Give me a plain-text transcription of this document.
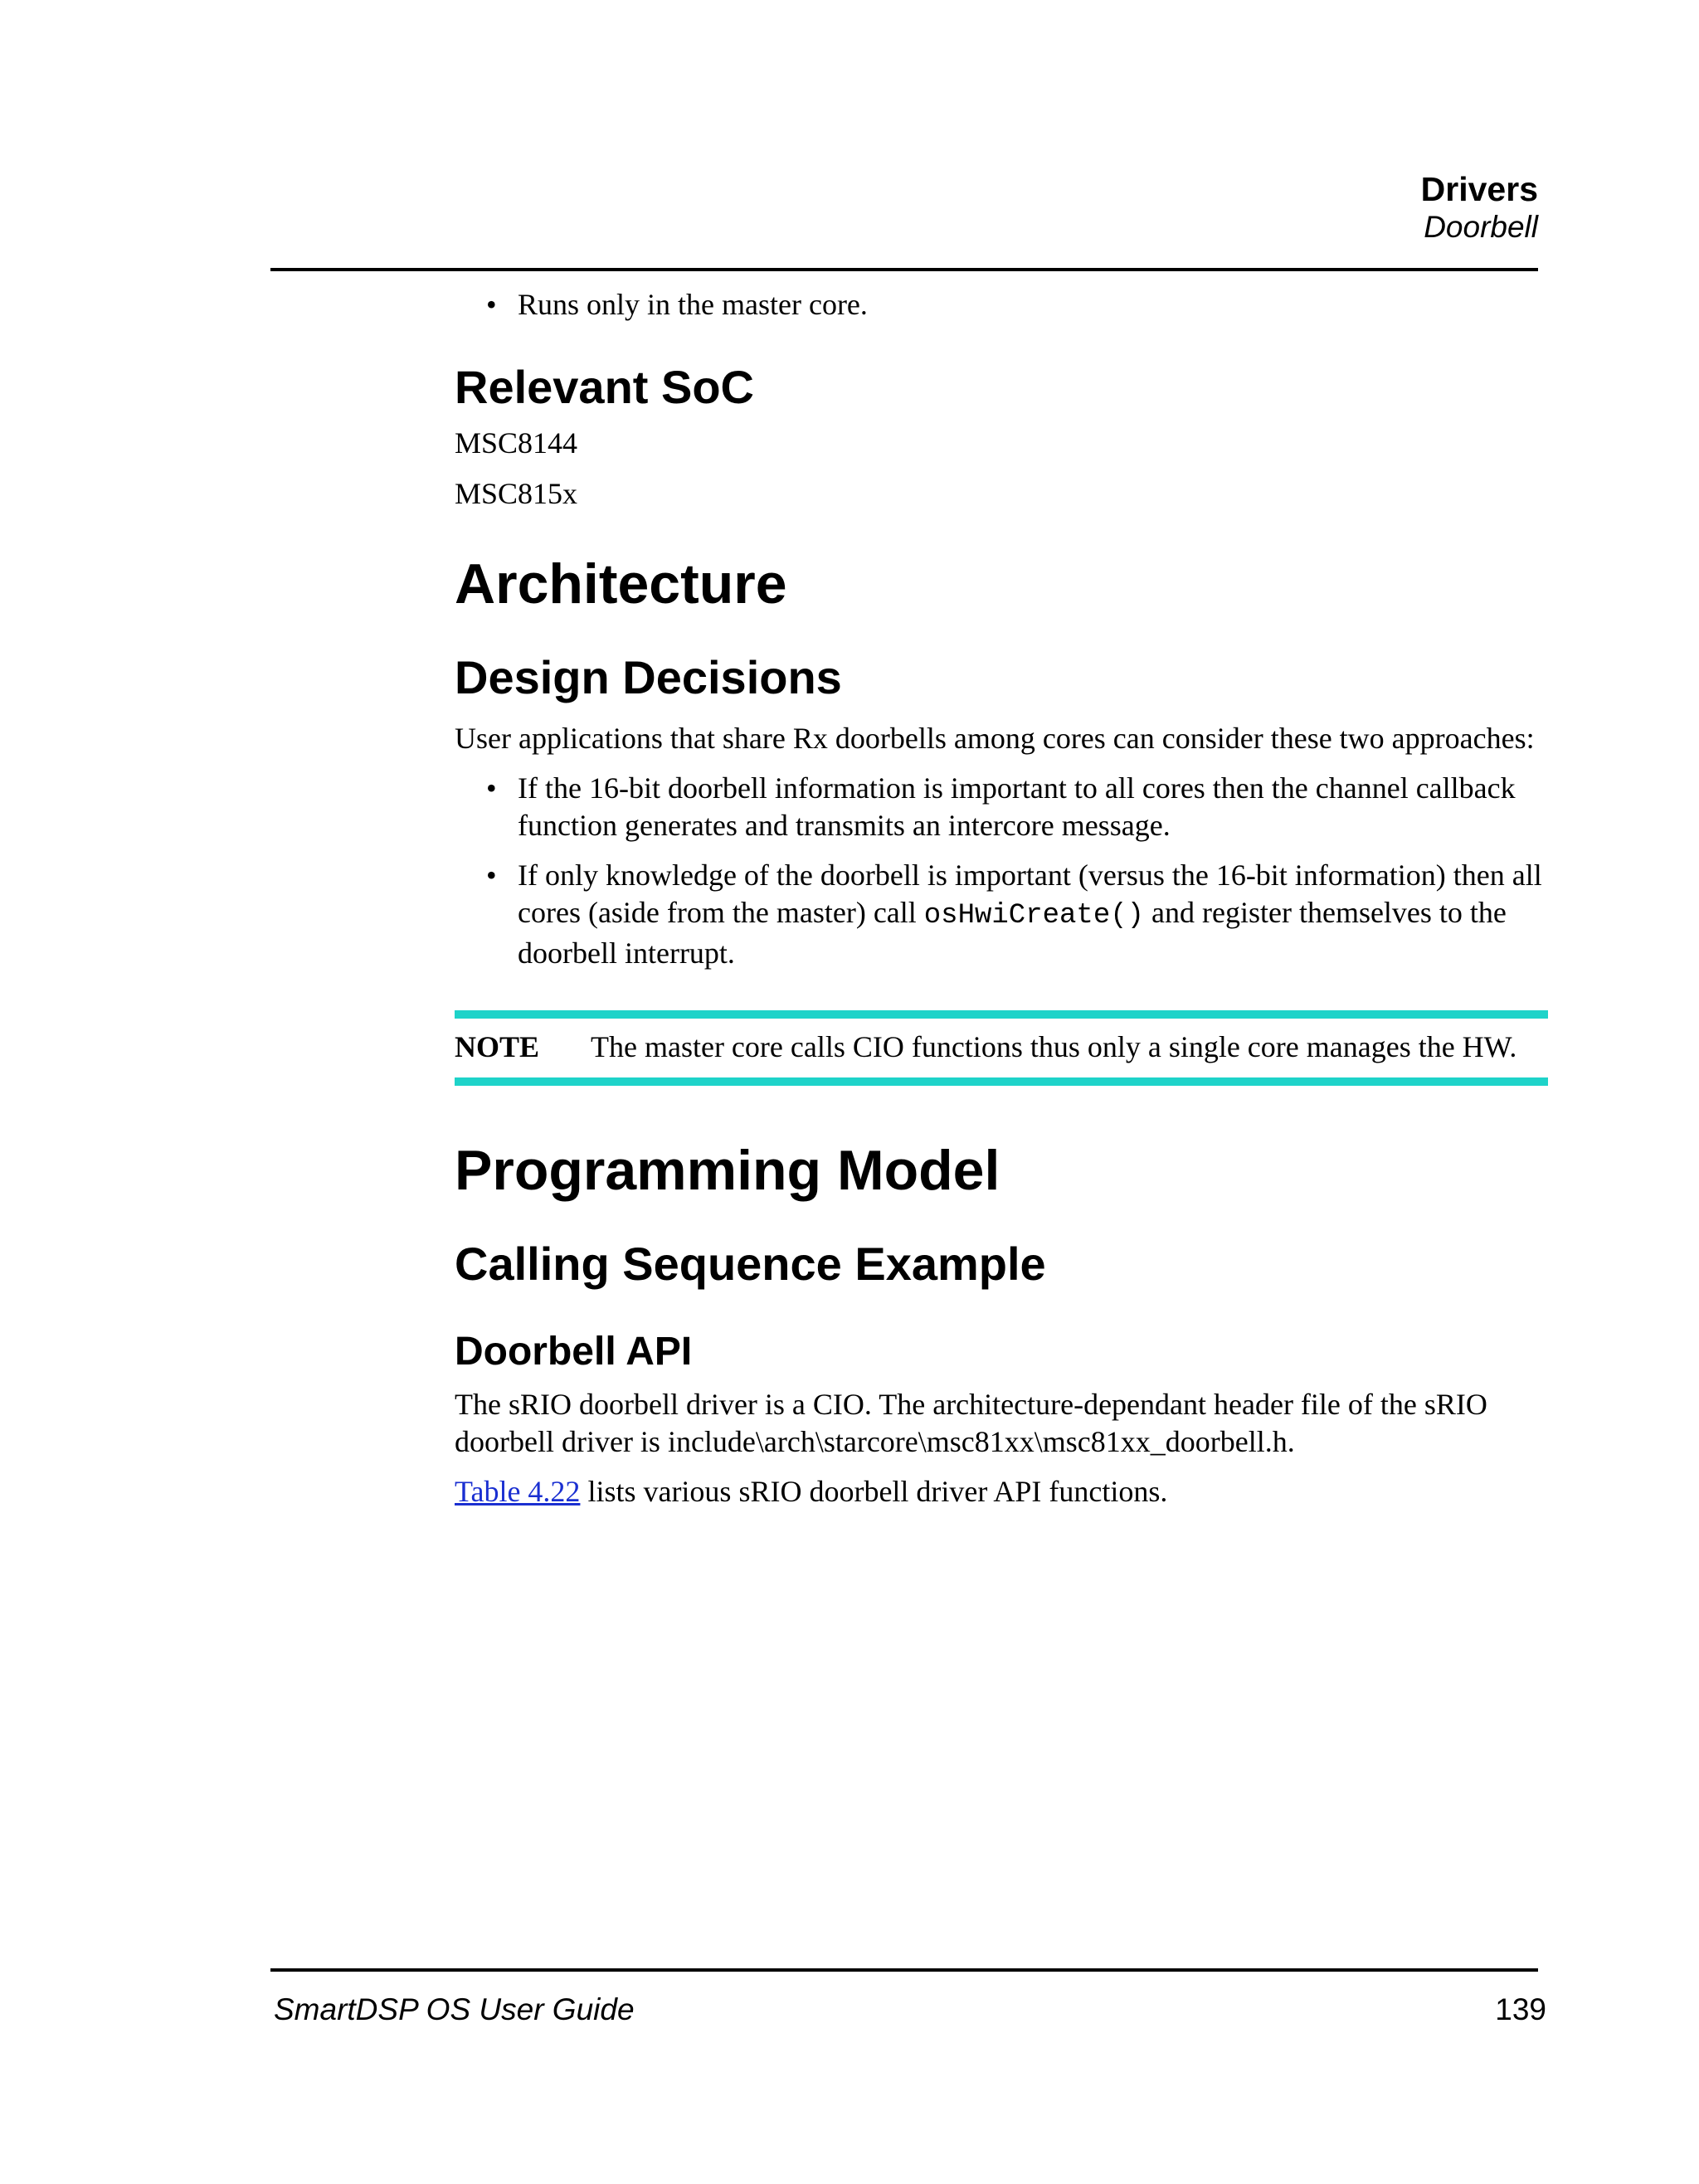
Drivers
Doorbell
• Runs only in the master core.
Relevant SoC

MSC8144

MSC815x

Architecture
Design Decisions

User applications that share Rx doorbells among cores can consider these two approaches:

• If the 16-bit doorbell information is important to all cores then the channel callback function generates and transmits an intercore message.
• If only knowledge of the doorbell is important (versus the 16-bit information) then all cores (aside from the master) call osHwiCreate() and register themselves to the doorbell interrupt.
NOTE	The master core calls CIO functions thus only a single core manages the HW.
Programming Model
Calling Sequence Example
Doorbell API

The sRIO doorbell driver is a CIO. The architecture-dependant header file of the sRIO doorbell driver is include\arch\starcore\msc81xx\msc81xx_doorbell.h.

Table 4.22 lists various sRIO doorbell driver API functions.

SmartDSP OS User Guide	139
